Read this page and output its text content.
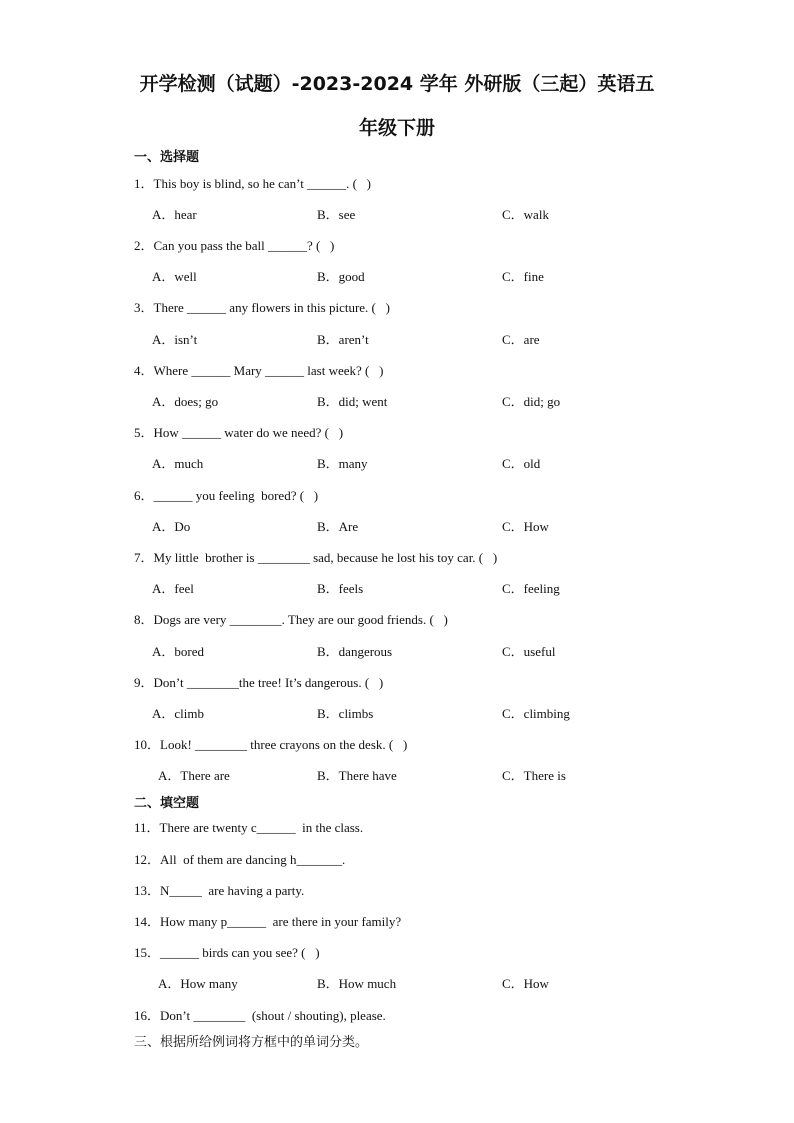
开学检测（试题）-2023-2024 学年 外研版（三起）英语五
年级下册
一、选择题
1．This boy is blind, so he can’t ______. (   )
A．hear	B．see	C．walk
2．Can you pass the ball ______? (   )
A．well	B．good	C．fine
3．There ______ any flowers in this picture. (   )
A．isn’t	B．aren’t	C．are
4．Where ______ Mary ______ last week? (   )
A．does; go	B．did; went	C．did; go
5．How ______ water do we need? (   )
A．much	B．many	C．old
6．______ you feeling  bored? (   )
A．Do	B．Are	C．How
7．My little  brother is ________ sad, because he lost his toy car. (   )
A．feel	B．feels	C．feeling
8．Dogs are very ________. They are our good friends. (   )
A．bored	B．dangerous	C．useful
9．Don’t ________the tree! It’s dangerous. (   )
A．climb	B．climbs	C．climbing
10．Look! ________ three crayons on the desk. (   )
A．There are	B．There have	C．There is
二、填空题
11．There are twenty c______  in the class.
12．All  of them are dancing h_______.
13．N_____  are having a party.
14．How many p______  are there in your family?
15．______ birds can you see? (   )
A．How many	B．How much	C．How
16．Don’t ________  (shout / shouting), please.
三、根据所给例词将方框中的单词分类。
